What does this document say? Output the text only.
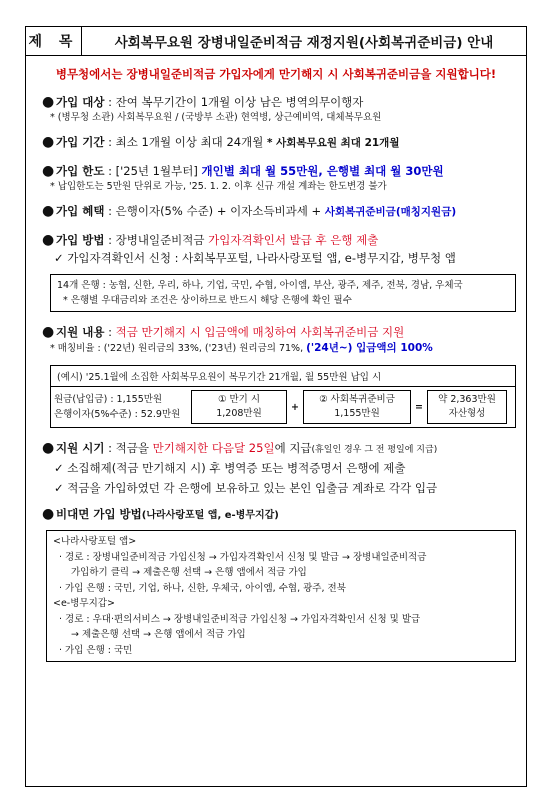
제 목	사회복무요원 장병내일준비적금 재정지원(사회복귀준비금) 안내
병무청에서는 장병내일준비적금 가입자에게 만기해지 시 사회복귀준비금을 지원합니다!
● 가입 대상 : 잔여 복무기간이 1개월 이상 남은 병역의무이행자
* (병무청 소관) 사회복무요원 / (국방부 소관) 현역병, 상근예비역, 대체복무요원
● 가입 기간 : 최소 1개월 이상 최대 24개월 * 사회복무요원 최대 21개월
● 가입 한도 : ['25년 1월부터] 개인별 최대 월 55만원, 은행별 최대 월 30만원
* 납입한도는 5만원 단위로 가능, '25. 1. 2. 이후 신규 개설 계좌는 한도변경 불가
● 가입 혜택 : 은행이자(5% 수준) + 이자소득비과세 + 사회복귀준비금(매칭지원금)
● 가입 방법 : 장병내일준비적금 가입자격확인서 발급 후 은행 제출
✓ 가입자격확인서 신청 : 사회복무포털, 나라사랑포털 앱, e-병무지갑, 병무청 앱
14개 은행 : 농협, 신한, 우리, 하나, 기업, 국민, 수협, 아이엠, 부산, 광주, 제주, 전북, 경남, 우체국
* 은행별 우대금리와 조건은 상이하므로 반드시 해당 은행에 확인 필수
● 지원 내용 : 적금 만기해지 시 입금액에 매칭하여 사회복귀준비금 지원
* 매칭비율 : ('22년) 원리금의 33%, ('23년) 원리금의 71%, ('24년~) 입금액의 100%
(예시) '25.1월에 소집한 사회복무요원이 복무기간 21개월, 월 55만원 납입 시
원금(납입금) : 1,155만원
은행이자(5%수준) : 52.9만원
① 만기 시
1,208만원
+
② 사회복귀준비금
1,155만원
=
약 2,363만원
자산형성
● 지원 시기 : 적금을 만기해지한 다음달 25일에 지급(휴일인 경우 그 전 평일에 지급)
✓ 소집해제(적금 만기해지 시) 후 병역증 또는 병적증명서 은행에 제출
✓ 적금을 가입하였던 각 은행에 보유하고 있는 본인 입출금 계좌로 각각 입금
● 비대면 가입 방법(나라사랑포털 앱, e-병무지갑)
<나라사랑포털 앱>
· 경로 : 장병내일준비적금 가입신청 → 가입자격확인서 신청 및 발급 → 장병내일준비적금
가입하기 클릭 → 제출은행 선택 → 은행 앱에서 적금 가입
· 가입 은행 : 국민, 기업, 하나, 신한, 우체국, 아이엠, 수협, 광주, 전북
<e-병무지갑>
· 경로 : 우대·편의서비스 → 장병내일준비적금 가입신청 → 가입자격확인서 신청 및 발급
→ 제출은행 선택 → 은행 앱에서 적금 가입
· 가입 은행 : 국민
